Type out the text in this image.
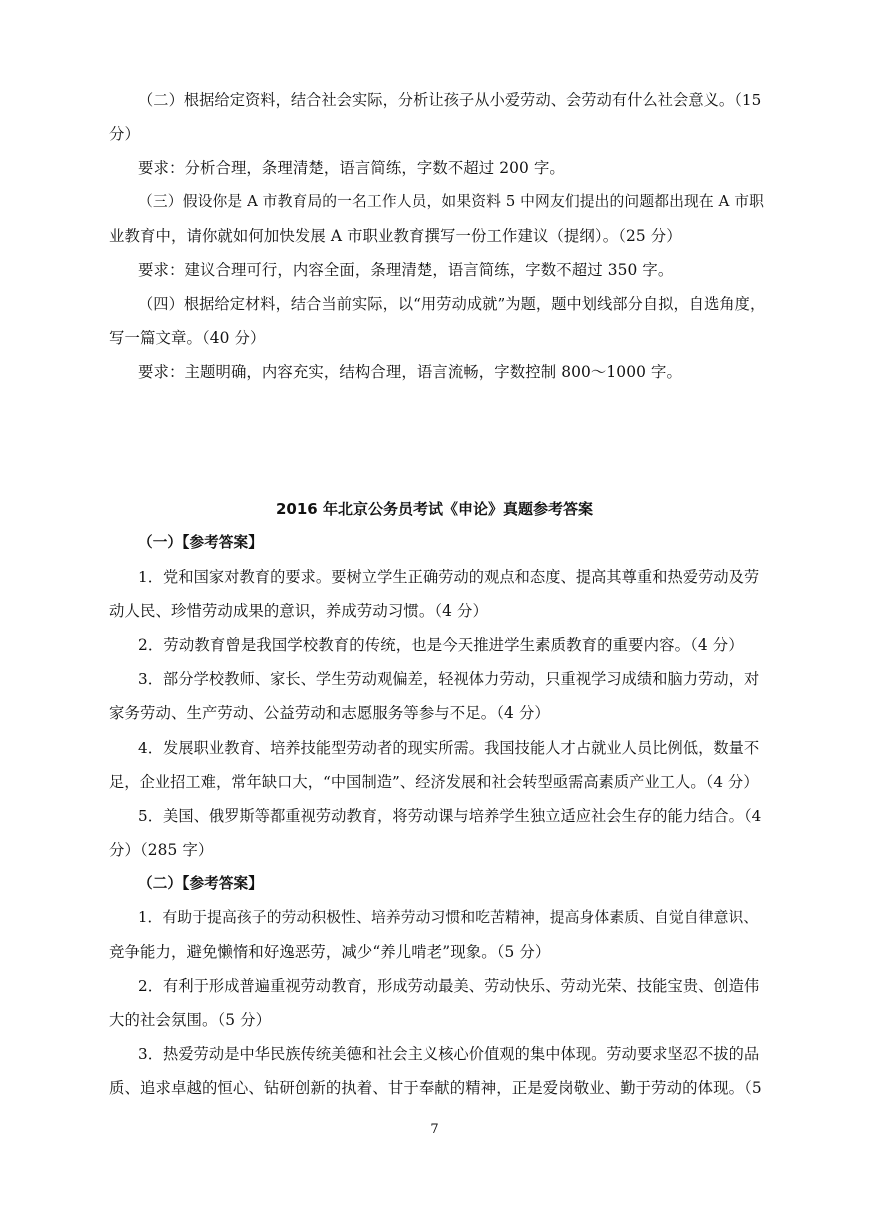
（二）根据给定资料，结合社会实际，分析让孩子从小爱劳动、会劳动有什么社会意义。（15
分）
要求：分析合理，条理清楚，语言简练，字数不超过 200 字。
（三）假设你是 A 市教育局的一名工作人员，如果资料 5 中网友们提出的问题都出现在 A 市职
业教育中，请你就如何加快发展 A 市职业教育撰写一份工作建议（提纲）。（25 分）
要求：建议合理可行，内容全面，条理清楚，语言简练，字数不超过 350 字。
（四）根据给定材料，结合当前实际，以“用劳动成就”为题，题中划线部分自拟，自选角度，
写一篇文章。（40 分）
要求：主题明确，内容充实，结构合理，语言流畅，字数控制 800～1000 字。
2016 年北京公务员考试《申论》真题参考答案
（一）【参考答案】
1．党和国家对教育的要求。要树立学生正确劳动的观点和态度、提高其尊重和热爱劳动及劳
动人民、珍惜劳动成果的意识，养成劳动习惯。（4 分）
2．劳动教育曾是我国学校教育的传统，也是今天推进学生素质教育的重要内容。（4 分）
3．部分学校教师、家长、学生劳动观偏差，轻视体力劳动，只重视学习成绩和脑力劳动，对
家务劳动、生产劳动、公益劳动和志愿服务等参与不足。（4 分）
4．发展职业教育、培养技能型劳动者的现实所需。我国技能人才占就业人员比例低，数量不
足，企业招工难，常年缺口大，“中国制造”、经济发展和社会转型亟需高素质产业工人。（4 分）
5．美国、俄罗斯等都重视劳动教育，将劳动课与培养学生独立适应社会生存的能力结合。（4
分）（285 字）
（二）【参考答案】
1．有助于提高孩子的劳动积极性、培养劳动习惯和吃苦精神，提高身体素质、自觉自律意识、
竞争能力，避免懒惰和好逸恶劳，减少“养儿啃老”现象。（5 分）
2．有利于形成普遍重视劳动教育，形成劳动最美、劳动快乐、劳动光荣、技能宝贵、创造伟
大的社会氛围。（5 分）
3．热爱劳动是中华民族传统美德和社会主义核心价值观的集中体现。劳动要求坚忍不拔的品
质、追求卓越的恒心、钻研创新的执着、甘于奉献的精神，正是爱岗敬业、勤于劳动的体现。（5
7
